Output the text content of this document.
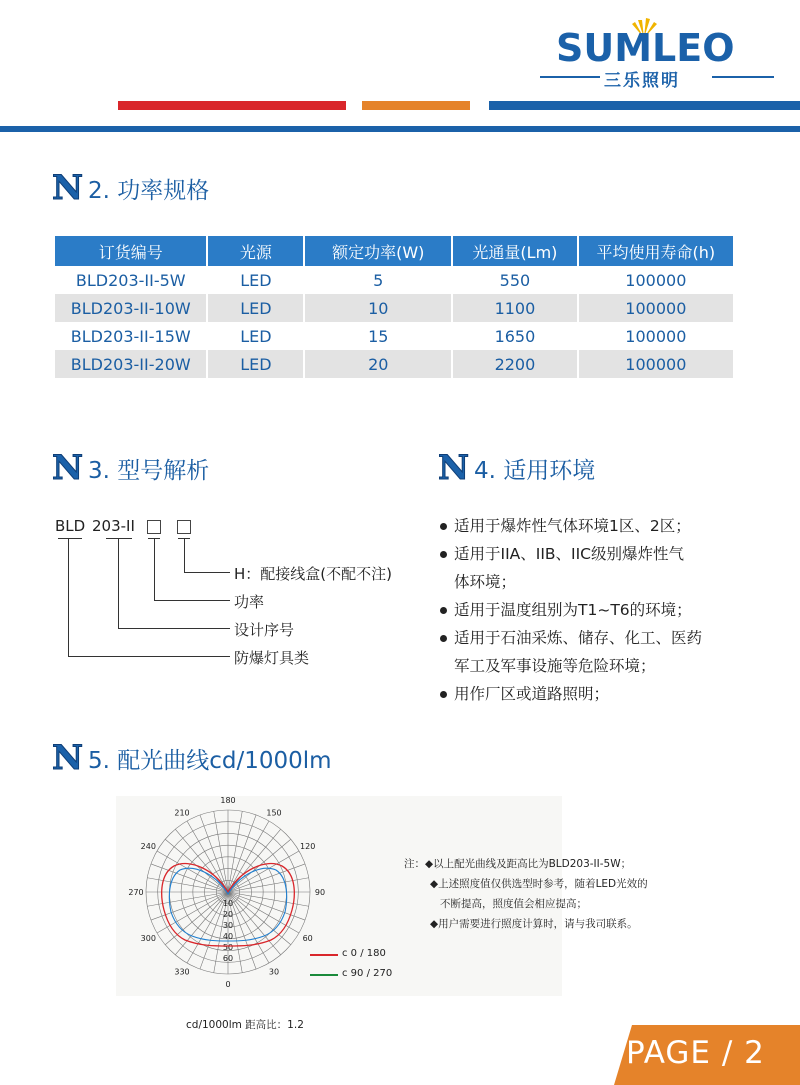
SUMLEO
三乐照明
N 2. 功率规格
订货编号	光源	额定功率(W)	光通量(Lm)	平均使用寿命(h)
BLD203-II-5W	LED	5	550	100000
BLD203-II-10W	LED	10	1100	100000
BLD203-II-15W	LED	15	1650	100000
BLD203-II-20W	LED	20	2200	100000
N 3. 型号解析
BLD 203-II
H：配接线盒(不配不注)
功率
设计序号
防爆灯具类
N 4. 适用环境
适用于爆炸性气体环境1区、2区；
适用于IIA、IIB、IIC级别爆炸性气
体环境；
适用于温度组别为T1~T6的环境；
适用于石油采炼、储存、化工、医药
军工及军事设施等危险环境；
用作厂区或道路照明；
N 5. 配光曲线cd/1000lm
180
150
120
90
60
30
0
330
300
270
240
210
10
20
30
40
50
60	c 0 / 180
c 90 / 270
注：◆以上配光曲线及距高比为BLD203-II-5W；
◆上述照度值仅供选型时参考，随着LED光效的
不断提高，照度值会相应提高；
◆用户需要进行照度计算时，请与我司联系。
cd/1000lm 距高比：1.2
PAGE / 2
